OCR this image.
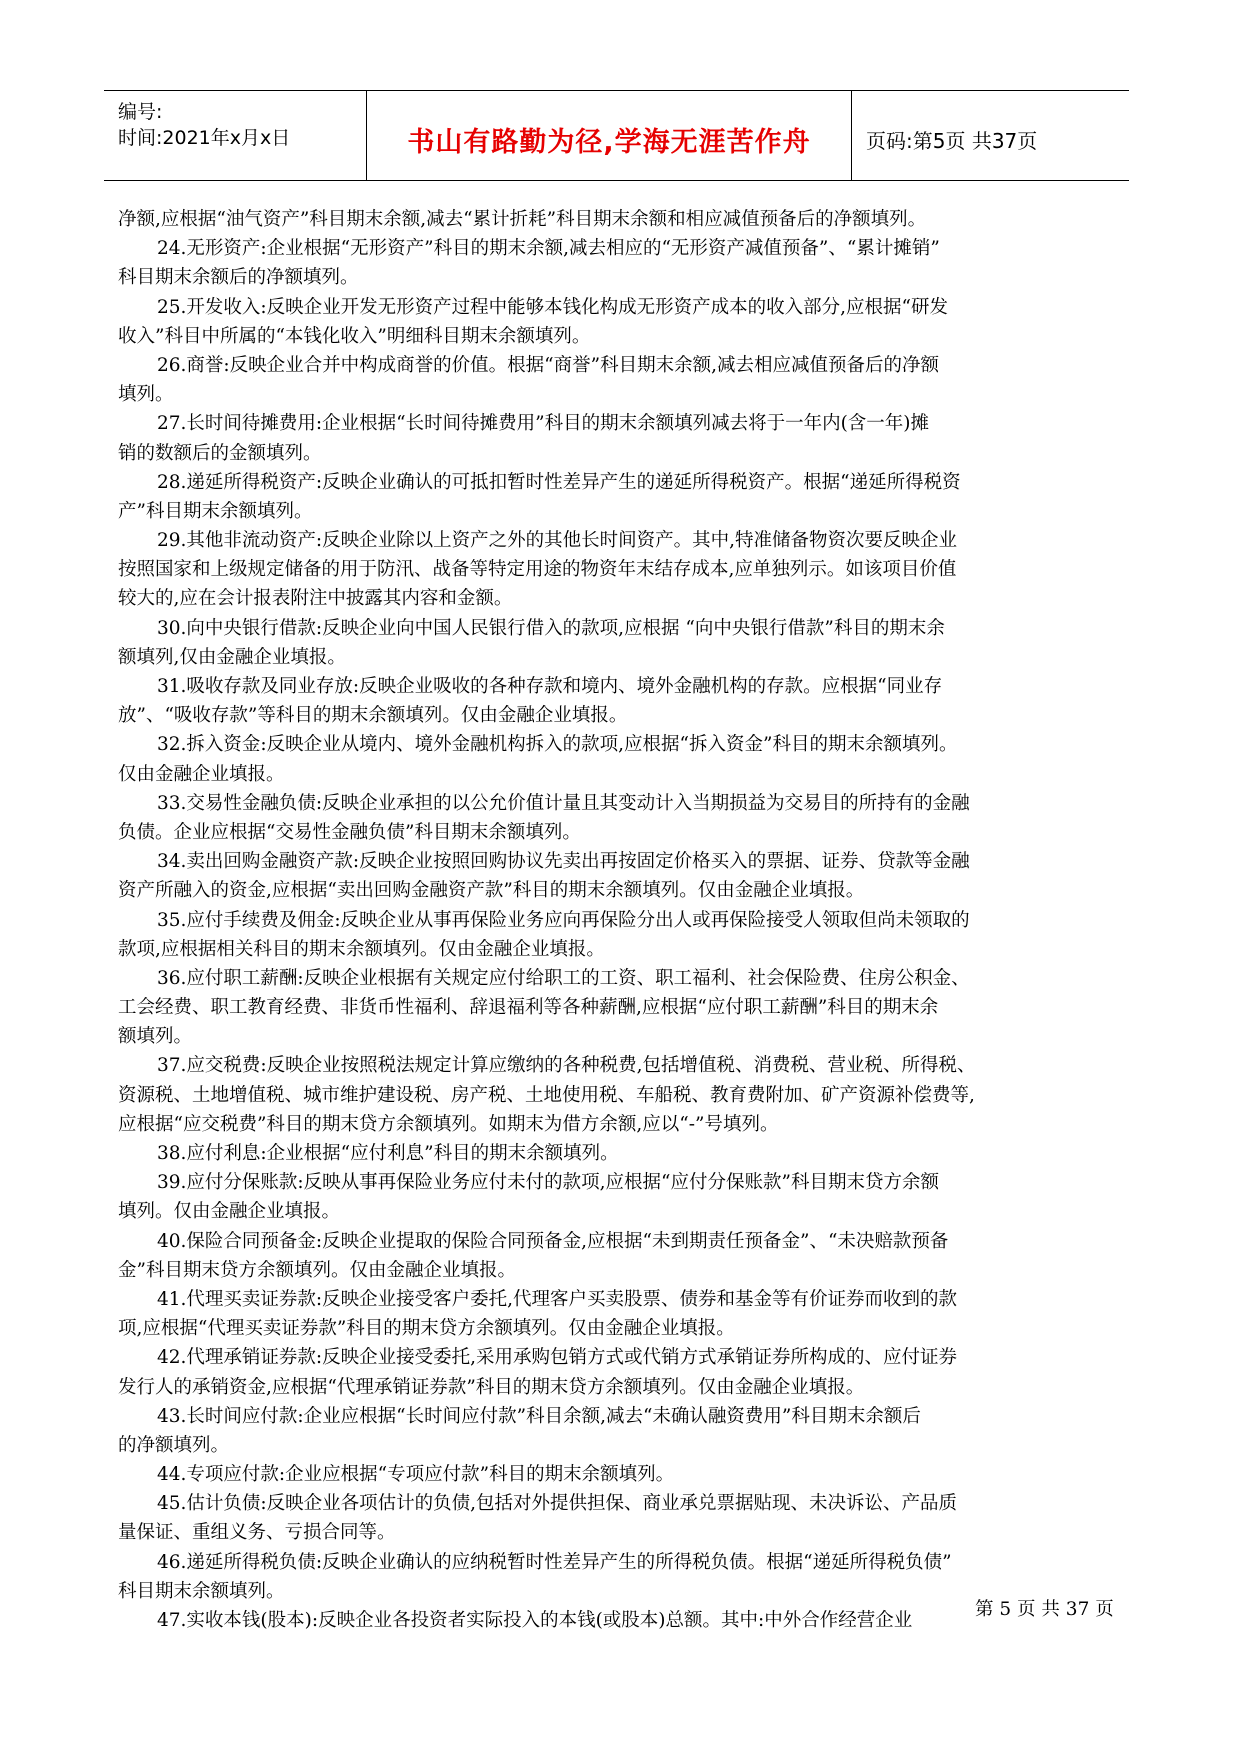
编号:
时间:2021年x月x日	书山有路勤为径,学海无涯苦作舟	页码:第5页 共37页
净额,应根据“油气资产”科目期末余额,减去“累计折耗”科目期末余额和相应减值预备后的净额填列。
24.无形资产:企业根据“无形资产”科目的期末余额,减去相应的“无形资产减值预备”、“累计摊销”
科目期末余额后的净额填列。
25.开发收入:反映企业开发无形资产过程中能够本钱化构成无形资产成本的收入部分,应根据“研发
收入”科目中所属的“本钱化收入”明细科目期末余额填列。
26.商誉:反映企业合并中构成商誉的价值。根据“商誉”科目期末余额,减去相应减值预备后的净额
填列。
27.长时间待摊费用:企业根据“长时间待摊费用”科目的期末余额填列减去将于一年内(含一年)摊
销的数额后的金额填列。
28.递延所得税资产:反映企业确认的可抵扣暂时性差异产生的递延所得税资产。根据“递延所得税资
产”科目期末余额填列。
29.其他非流动资产:反映企业除以上资产之外的其他长时间资产。其中,特准储备物资次要反映企业
按照国家和上级规定储备的用于防汛、战备等特定用途的物资年末结存成本,应单独列示。如该项目价值
较大的,应在会计报表附注中披露其内容和金额。
30.向中央银行借款:反映企业向中国人民银行借入的款项,应根据 “向中央银行借款”科目的期末余
额填列,仅由金融企业填报。
31.吸收存款及同业存放:反映企业吸收的各种存款和境内、境外金融机构的存款。应根据“同业存
放”、“吸收存款”等科目的期末余额填列。仅由金融企业填报。
32.拆入资金:反映企业从境内、境外金融机构拆入的款项,应根据“拆入资金”科目的期末余额填列。
仅由金融企业填报。
33.交易性金融负债:反映企业承担的以公允价值计量且其变动计入当期损益为交易目的所持有的金融
负债。企业应根据“交易性金融负债”科目期末余额填列。
34.卖出回购金融资产款:反映企业按照回购协议先卖出再按固定价格买入的票据、证券、贷款等金融
资产所融入的资金,应根据“卖出回购金融资产款”科目的期末余额填列。仅由金融企业填报。
35.应付手续费及佣金:反映企业从事再保险业务应向再保险分出人或再保险接受人领取但尚未领取的
款项,应根据相关科目的期末余额填列。仅由金融企业填报。
36.应付职工薪酬:反映企业根据有关规定应付给职工的工资、职工福利、社会保险费、住房公积金、
工会经费、职工教育经费、非货币性福利、辞退福利等各种薪酬,应根据“应付职工薪酬”科目的期末余
额填列。
37.应交税费:反映企业按照税法规定计算应缴纳的各种税费,包括增值税、消费税、营业税、所得税、
资源税、土地增值税、城市维护建设税、房产税、土地使用税、车船税、教育费附加、矿产资源补偿费等,
应根据“应交税费”科目的期末贷方余额填列。如期末为借方余额,应以“-”号填列。
38.应付利息:企业根据“应付利息”科目的期末余额填列。
39.应付分保账款:反映从事再保险业务应付未付的款项,应根据“应付分保账款”科目期末贷方余额
填列。仅由金融企业填报。
40.保险合同预备金:反映企业提取的保险合同预备金,应根据“未到期责任预备金”、“未决赔款预备
金”科目期末贷方余额填列。仅由金融企业填报。
41.代理买卖证券款:反映企业接受客户委托,代理客户买卖股票、债券和基金等有价证券而收到的款
项,应根据“代理买卖证券款”科目的期末贷方余额填列。仅由金融企业填报。
42.代理承销证券款:反映企业接受委托,采用承购包销方式或代销方式承销证券所构成的、应付证券
发行人的承销资金,应根据“代理承销证券款”科目的期末贷方余额填列。仅由金融企业填报。
43.长时间应付款:企业应根据“长时间应付款”科目余额,减去“未确认融资费用”科目期末余额后
的净额填列。
44.专项应付款:企业应根据“专项应付款”科目的期末余额填列。
45.估计负债:反映企业各项估计的负债,包括对外提供担保、商业承兑票据贴现、未决诉讼、产品质
量保证、重组义务、亏损合同等。
46.递延所得税负债:反映企业确认的应纳税暂时性差异产生的所得税负债。根据“递延所得税负债”
科目期末余额填列。
47.实收本钱(股本):反映企业各投资者实际投入的本钱(或股本)总额。其中:中外合作经营企业
第 5 页 共 37 页
